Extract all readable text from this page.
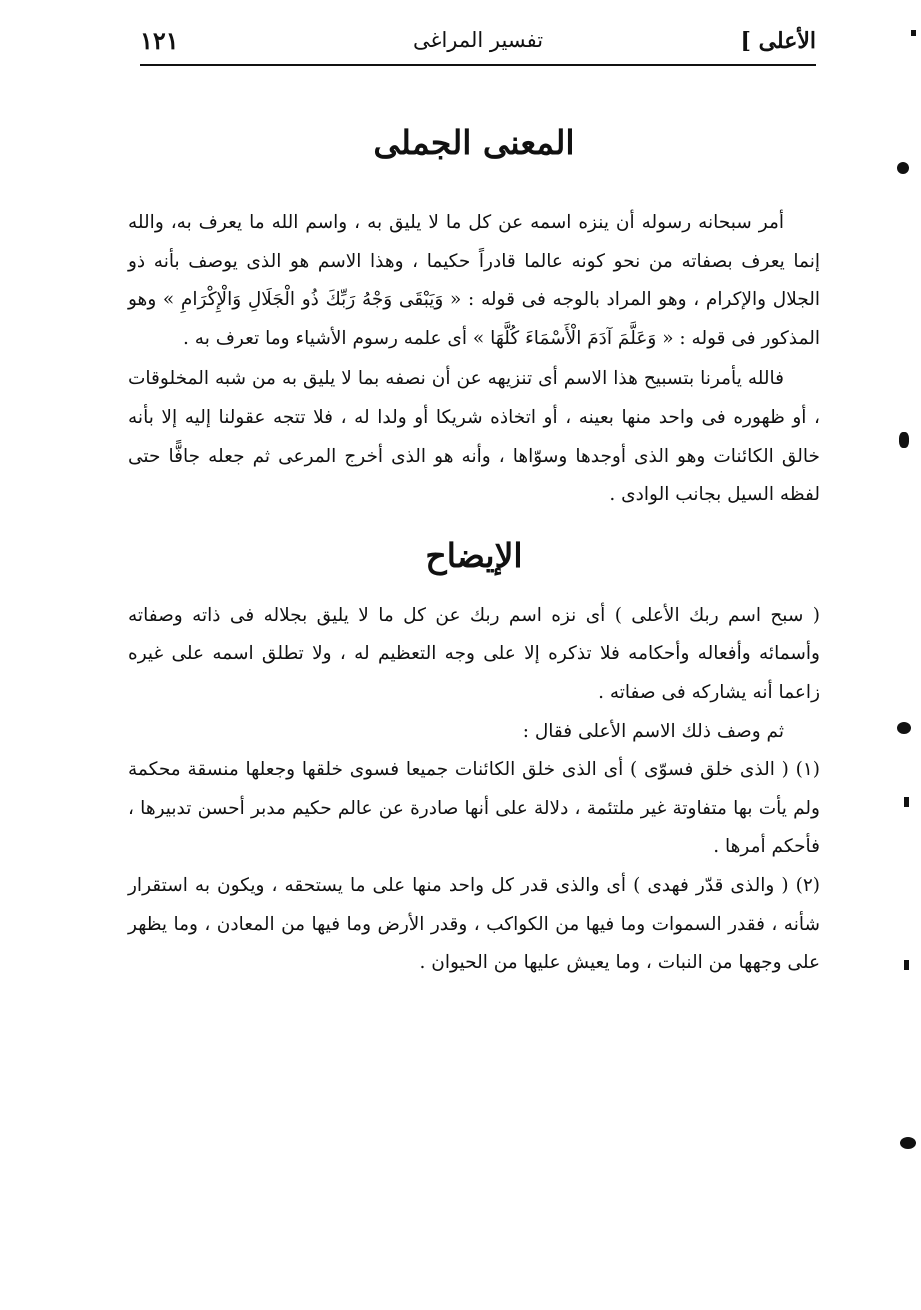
الأعلى ]
تفسير المراغى
١٢١
المعنى الجملى

أمر سبحانه رسوله أن ينزه اسمه عن كل ما لا يليق به ، واسم الله ما يعرف به، والله إنما يعرف بصفاته من نحو كونه عالما قادراً حكيما ، وهذا الاسم هو الذى يوصف بأنه ذو الجلال والإكرام ، وهو المراد بالوجه فى قوله : « وَيَبْقَى وَجْهُ رَبِّكَ ذُو الْجَلَالِ وَالْإِكْرَامِ » وهو المذكور فى قوله : « وَعَلَّمَ آدَمَ الْأَسْمَاءَ كُلَّهَا » أى علمه رسوم الأشياء وما تعرف به .

فالله يأمرنا بتسبيح هذا الاسم أى تنزيهه عن أن نصفه بما لا يليق به من شبه المخلوقات ، أو ظهوره فى واحد منها بعينه ، أو اتخاذه شريكا أو ولدا له ، فلا تتجه عقولنا إليه إلا بأنه خالق الكائنات وهو الذى أوجدها وسوّاها ، وأنه هو الذى أخرج المرعى ثم جعله جافًّا حتى لفظه السيل بجانب الوادى .

الإيضاح

( سبح اسم ربك الأعلى ) أى نزه اسم ربك عن كل ما لا يليق بجلاله فى ذاته وصفاته وأسمائه وأفعاله وأحكامه فلا تذكره إلا على وجه التعظيم له ، ولا تطلق اسمه على غيره زاعما أنه يشاركه فى صفاته .

ثم وصف ذلك الاسم الأعلى فقال :

(١) ( الذى خلق فسوّى ) أى الذى خلق الكائنات جميعا فسوى خلقها وجعلها منسقة محكمة ولم يأت بها متفاوتة غير ملتئمة ، دلالة على أنها صادرة عن عالم حكيم مدبر أحسن تدبيرها ، فأحكم أمرها .

(٢) ( والذى قدّر فهدى ) أى والذى قدر كل واحد منها على ما يستحقه ، ويكون به استقرار شأنه ، فقدر السموات وما فيها من الكواكب ، وقدر الأرض وما فيها من المعادن ، وما يظهر على وجهها من النبات ، وما يعيش عليها من الحيوان .
